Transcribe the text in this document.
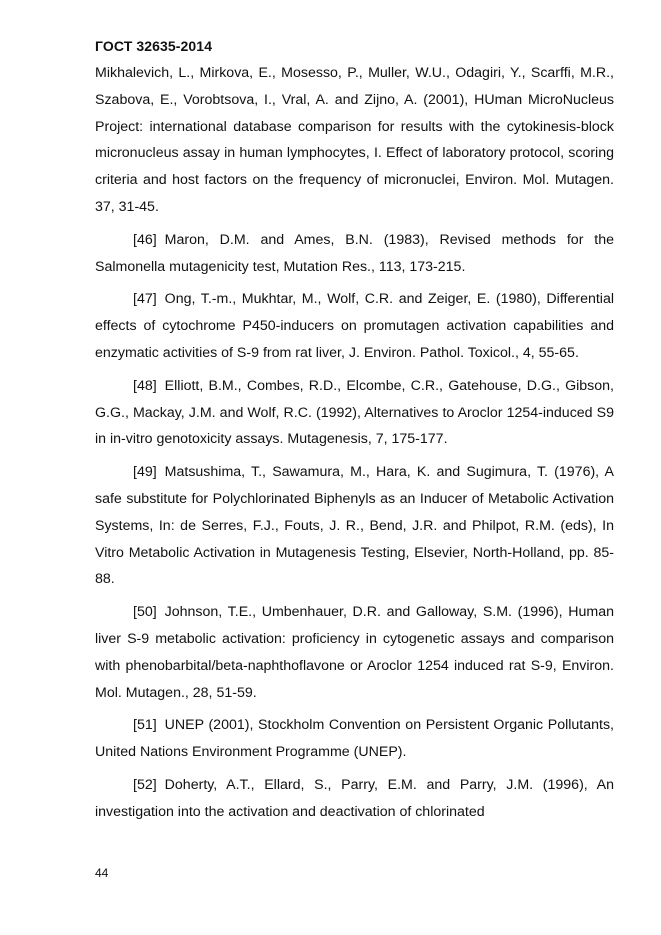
ГОСТ 32635-2014

Mikhalevich, L., Mirkova, E., Mosesso, P., Muller, W.U., Odagiri, Y., Scarffi, M.R., Szabova, E., Vorobtsova, I., Vral, A. and Zijno, A. (2001), HUman MicroNucleus Project: international database comparison for results with the cytokinesis-block micronucleus assay in human lymphocytes, I. Effect of laboratory protocol, scoring criteria and host factors on the frequency of micronuclei, Environ. Mol. Mutagen. 37, 31-45.

[46] Maron, D.M. and Ames, B.N. (1983), Revised methods for the Salmonella mutagenicity test, Mutation Res., 113, 173-215.

[47] Ong, T.-m., Mukhtar, M., Wolf, C.R. and Zeiger, E. (1980), Differential effects of cytochrome P450-inducers on promutagen activation capabilities and enzymatic activities of S-9 from rat liver, J. Environ. Pathol. Toxicol., 4, 55-65.

[48] Elliott, B.M., Combes, R.D., Elcombe, C.R., Gatehouse, D.G., Gibson, G.G., Mackay, J.M. and Wolf, R.C. (1992), Alternatives to Aroclor 1254-induced S9 in in-vitro genotoxicity assays. Mutagenesis, 7, 175-177.

[49] Matsushima, T., Sawamura, M., Hara, K. and Sugimura, T. (1976), A safe substitute for Polychlorinated Biphenyls as an Inducer of Metabolic Activation Systems, In: de Serres, F.J., Fouts, J. R., Bend, J.R. and Philpot, R.M. (eds), In Vitro Metabolic Activation in Mutagenesis Testing, Elsevier, North-Holland, pp. 85-88.

[50] Johnson, T.E., Umbenhauer, D.R. and Galloway, S.M. (1996), Human liver S-9 metabolic activation: proficiency in cytogenetic assays and comparison with phenobarbital/beta-naphthoflavone or Aroclor 1254 induced rat S-9, Environ. Mol. Mutagen., 28, 51-59.

[51] UNEP (2001), Stockholm Convention on Persistent Organic Pollutants, United Nations Environment Programme (UNEP).

[52] Doherty, A.T., Ellard, S., Parry, E.M. and Parry, J.M. (1996), An investigation into the activation and deactivation of chlorinated

44
